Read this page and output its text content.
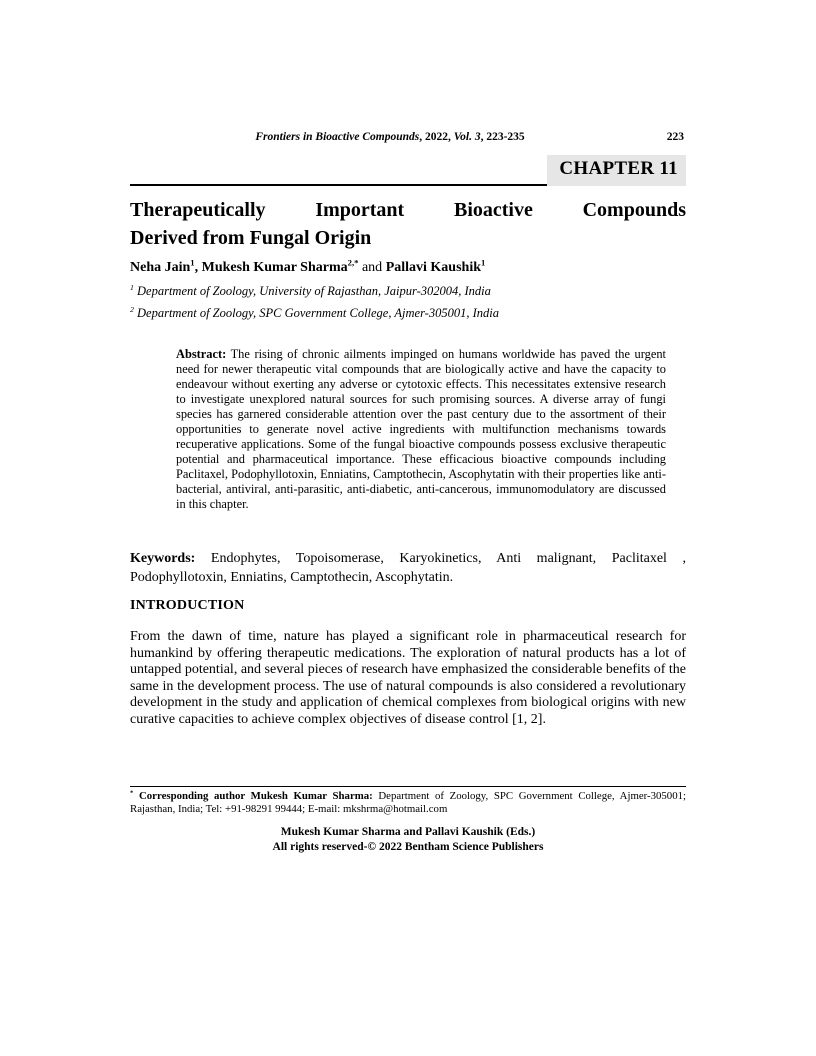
Frontiers in Bioactive Compounds, 2022, Vol. 3, 223-235	223
CHAPTER 11
Therapeutically Important Bioactive Compounds
Derived from Fungal Origin
Neha Jain$^1$, Mukesh Kumar Sharma$^{2,*}$ and Pallavi Kaushik$^1$

$^1$ Department of Zoology, University of Rajasthan, Jaipur-302004, India

$^2$ Department of Zoology, SPC Government College, Ajmer-305001, India

Abstract: The rising of chronic ailments impinged on humans worldwide has paved the urgent need for newer therapeutic vital compounds that are biologically active and have the capacity to endeavour without exerting any adverse or cytotoxic effects. This necessitates extensive research to investigate unexplored natural sources for such promising sources. A diverse array of fungi species has garnered considerable attention over the past century due to the assortment of their opportunities to generate novel active ingredients with multifunction mechanisms towards recuperative applications. Some of the fungal bioactive compounds possess exclusive therapeutic potential and pharmaceutical importance. These efficacious bioactive compounds including Paclitaxel, Podophyllotoxin, Enniatins, Camptothecin, Ascophytatin with their properties like anti-bacterial, antiviral, anti-parasitic, anti-diabetic, anti-cancerous, immunomodulatory are discussed in this chapter.
Keywords: Endophytes, Topoisomerase, Karyokinetics, Anti malignant, Paclitaxel , Podophyllotoxin, Enniatins, Camptothecin, Ascophytatin.
INTRODUCTION
From the dawn of time, nature has played a significant role in pharmaceutical research for humankind by offering therapeutic medications. The exploration of natural products has a lot of untapped potential, and several pieces of research have emphasized the considerable benefits of the same in the development process. The use of natural compounds is also considered a revolutionary development in the study and application of chemical complexes from biological origins with new curative capacities to achieve complex objectives of disease control [1, 2].
* Corresponding author Mukesh Kumar Sharma: Department of Zoology, SPC Government College, Ajmer-305001; Rajasthan, India; Tel: +91-98291 99444; E-mail: mkshrma@hotmail.com
Mukesh Kumar Sharma and Pallavi Kaushik (Eds.)
All rights reserved-© 2022 Bentham Science Publishers
